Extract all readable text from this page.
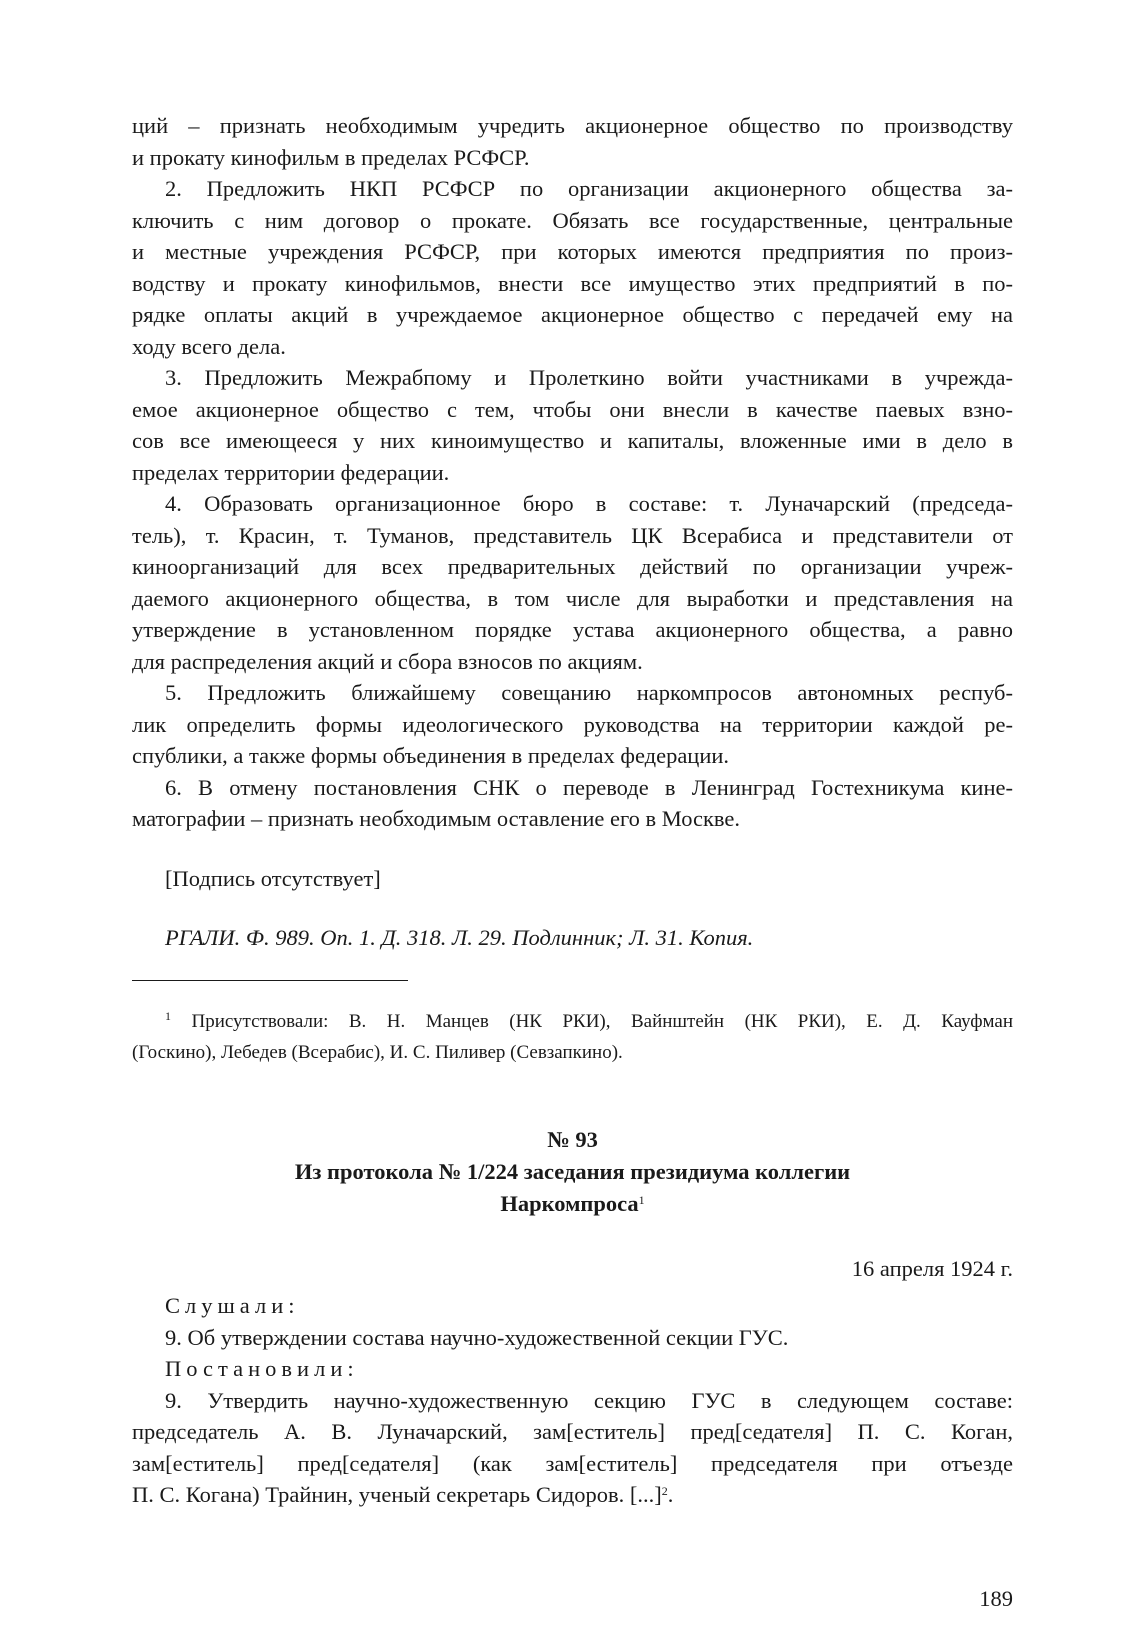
ций – признать необходимым учредить акционерное общество по производству

и прокату кинофильм в пределах РСФСР.

2. Предложить НКП РСФСР по организации акционерного общества за-

ключить с ним договор о прокате. Обязать все государственные, центральные

и местные учреждения РСФСР, при которых имеются предприятия по произ-

водству и прокату кинофильмов, внести все имущество этих предприятий в по-

рядке оплаты акций в учреждаемое акционерное общество с передачей ему на

ходу всего дела.

3. Предложить Межрабпому и Пролеткино войти участниками в учрежда-

емое акционерное общество с тем, чтобы они внесли в качестве паевых взно-

сов все имеющееся у них киноимущество и капиталы, вложенные ими в дело в

пределах территории федерации.

4. Образовать организационное бюро в составе: т. Луначарский (председа-

тель), т. Красин, т. Туманов, представитель ЦК Всерабиса и представители от

киноорганизаций для всех предварительных действий по организации учреж-

даемого акционерного общества, в том числе для выработки и представления на

утверждение в установленном порядке устава акционерного общества, а равно

для распределения акций и сбора взносов по акциям.

5. Предложить ближайшему совещанию наркомпросов автономных респуб-

лик определить формы идеологического руководства на территории каждой ре-

спублики, а также формы объединения в пределах федерации.

6. В отмену постановления СНК о переводе в Ленинград Гостехникума кине-

матографии – признать необходимым оставление его в Москве.

[Подпись отсутствует]

РГАЛИ. Ф. 989. Оп. 1. Д. 318. Л. 29. Подлинник; Л. 31. Копия.

$^1$ Присутствовали: В. Н. Манцев (НК РКИ), Вайнштейн (НК РКИ), Е. Д. Кауфман

(Госкино), Лебедев (Всерабис), И. С. Пиливер (Севзапкино).

№ 93

Из протокола № 1/224 заседания президиума коллегии
Наркомпроса$^1$

16 апреля 1924 г.

Слушали:

9. Об утверждении состава научно-художественной секции ГУС.

Постановили:

9. Утвердить научно-художественную секцию ГУС в следующем составе:

председатель А. В. Луначарский, зам[еститель] пред[седателя] П. С. Коган,

зам[еститель] пред[седателя] (как зам[еститель] председателя при отъезде

П. С. Когана) Трайнин, ученый секретарь Сидоров. [...]$^2$.

189
